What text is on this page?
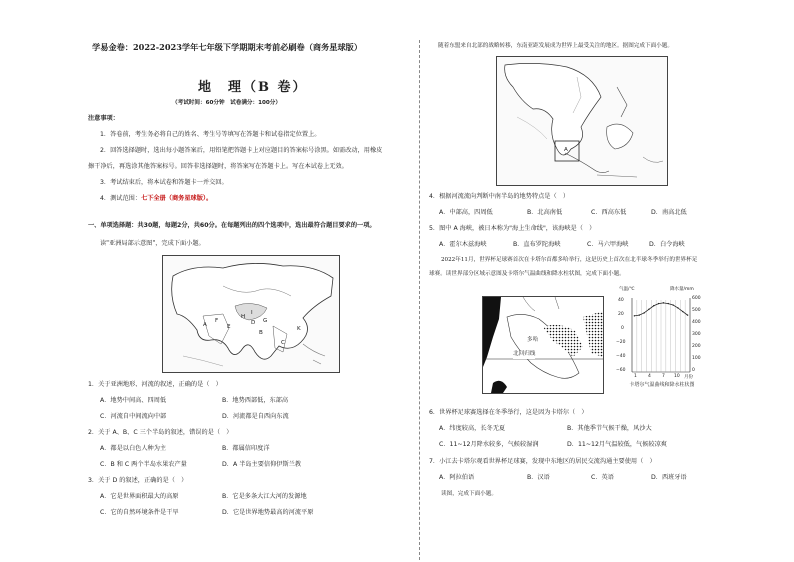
学易金卷：2022-2023学年七年级下学期期末考前必刷卷（商务星球版）
地　理（B 卷）
（考试时间：60分钟　试卷满分：100分）
注意事项：
1．答卷前，考生务必将自己的姓名、考生号等填写在答题卡和试卷指定位置上。
2．回答选择题时，选出每小题答案后，用铅笔把答题卡上对应题目的答案标号涂黑。如需改动，用橡皮
擦干净后，再选涂其他答案标号。回答非选择题时，将答案写在答题卡上。写在本试卷上无效。
3．考试结束后，将本试卷和答题卡一并交回。
4．测试范围：七下全册（商务星球版）。
一、单项选择题：共30题，每题2分，共60分。在每题列出的四个选项中，选出最符合题目要求的一项。
读"亚洲局部示意图"，完成下面小题。
A
F
E
H
D
I
G
B
K
C
1．关于亚洲地形、河流的叙述，正确的是（　）
A．地势中间高、四周低	B．地势西部低，东部高
C．河流自中间流向中部	D．河流都是自西向东流
2．关于 A、B、C 三个半岛的叙述，错误的是（　）
A．都是以白色人种为主	B．都属信印度洋
C．B 和 C 两个半岛水果农产量	D．A 半岛主要信仰伊斯兰教
3．关于 D 的叙述，正确的是（　）
A．它是世界面积最大的高原	B．它是多条大江大河的发源地
C．它的自然环境条件是干旱	D．它是世界地势最高的河流平原
随着东盟来自北部的战略转移，东南亚距发展成为世界上最受关注的地区。据图完成下面小题。
A
4．根据河流流向判断中南半岛的地势特点是（　）
A．中部高，四周低	B．北高南低	C．西高东低	D．南高北低
5．图中 A 海峡，被日本称为"海上生命线"，该海峡是（　）
A．霍尔木兹海峡	B．直布罗陀海峡	C．马六甲海峡	D．白令海峡
2022年11月，世界杯足球赛首次在卡塔尔首都多哈举行，这是历史上首次在北半球冬季举行的世界杯足
球赛。读世界部分区域示意图及卡塔尔气温曲线和降水柱状图，完成下面小题。
多哈
北回归线
气温/℃	降水量/mm
40
20
0
−20
−40
−60
600
500
400
300
200
100
0
1 4 7 10 月份
卡塔尔气温曲线和降水柱状图
6．世界杯足球赛选择在冬季举行，这是因为卡塔尔（　）
A．纬度较高，长冬无夏	B．其他季节气候干燥，风沙大
C．11~12月降水较多，气候较湿润	D．11~12月气温较低，气候较凉爽
7．小江去卡塔尔观看世界杯足球赛，发现中东地区的居民交流沟通主要使用（　）
A．阿拉伯语	B．汉语	C．英语	D．西班牙语
读图，完成下面小题。
